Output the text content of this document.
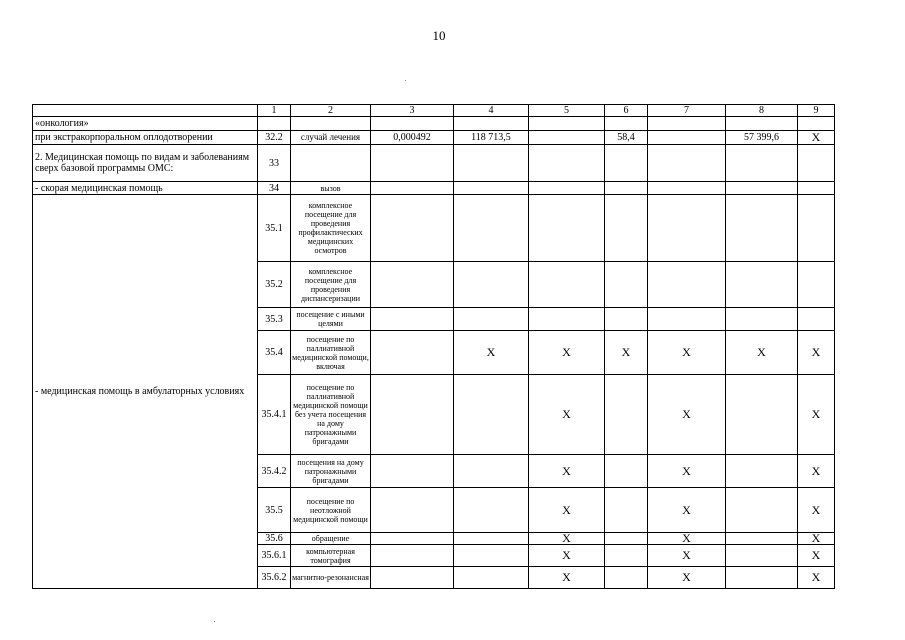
10
	1	2	3	4	5	6	7	8	9
«онкология»									
при экстракорпоральном оплодотворении	32.2	случай лечения	0,000492	118 713,5		58,4		57 399,6	X
2. Медицинская помощь по видам и заболеваниям сверх базовой программы ОМС:	33								
- скорая медицинская помощь	34	вызов							
- медицинская помощь в амбулаторных условиях	35.1	комплексное посещение для проведения профилактических медицинских осмотров							
	35.2	комплексное посещение для проведения диспансеризации							
	35.3	посещение с иными целями							
	35.4	посещение по паллиативной медицинской помощи, включая		X	X	X	X	X	X
	35.4.1	посещение по паллиативной медицинской помощи без учета посещения на дому патронажными бригадами			X		X		X
	35.4.2	посещения на дому патронажными бригадами			X		X		X
	35.5	посещение по неотложной медицинской помощи			X		X		X
	35.6	обращение			X		X		X
	35.6.1	компьютерная томография			X		X		X
	35.6.2	магнитно-резонансная			X		X		X
